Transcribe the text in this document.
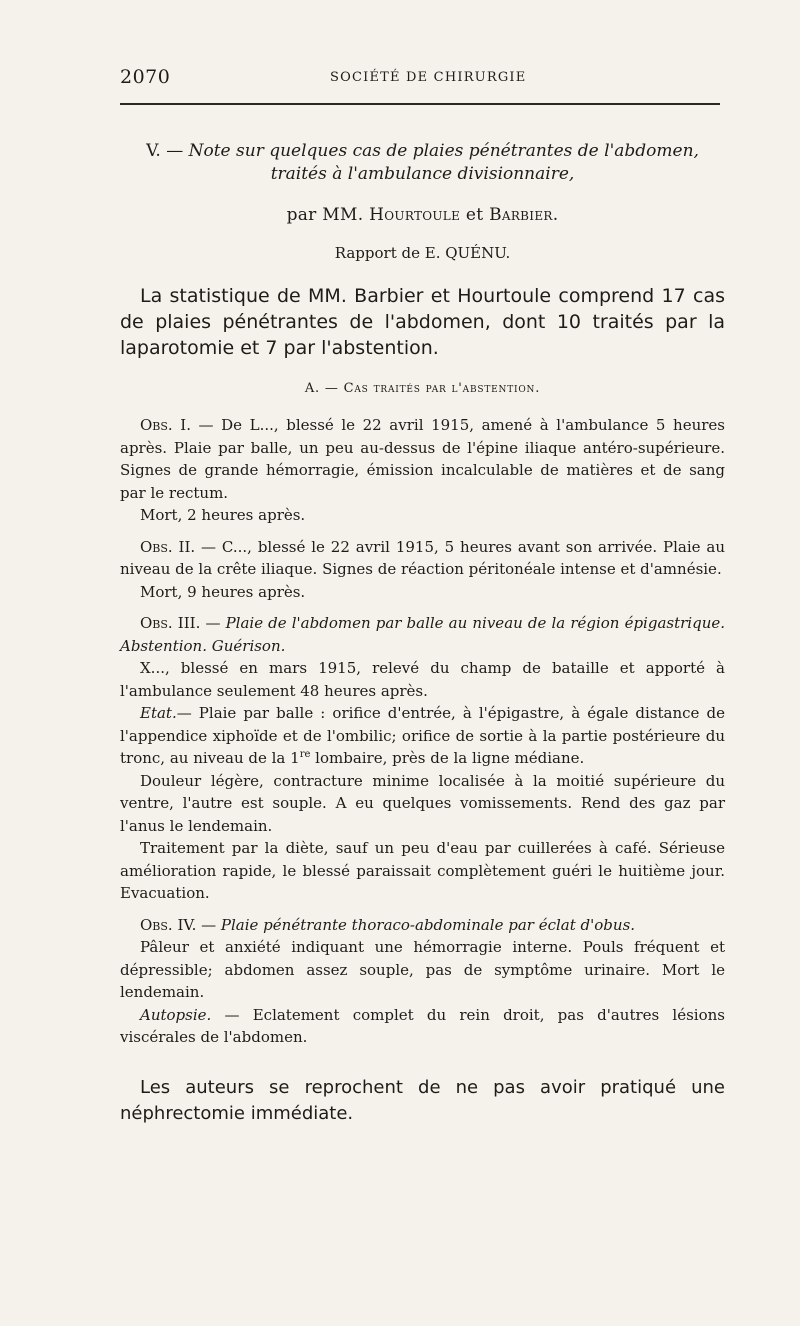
2070	SOCIÉTÉ DE CHIRURGIE

V. — Note sur quelques cas de plaies pénétrantes de l'abdomen,
traités à l'ambulance divisionnaire,

par MM. Hourtoule et Barbier.
Rapport de E. QUÉNU.

La statistique de MM. Barbier et Hourtoule comprend 17 cas de plaies pénétrantes de l'abdomen, dont 10 traités par la laparotomie et 7 par l'abstention.

A. — Cas traités par l'abstention.

Obs. I. — De L..., blessé le 22 avril 1915, amené à l'ambulance 5 heures après. Plaie par balle, un peu au-dessus de l'épine iliaque antéro-supérieure. Signes de grande hémorragie, émission incalculable de matières et de sang par le rectum.

Mort, 2 heures après.

Obs. II. — C..., blessé le 22 avril 1915, 5 heures avant son arrivée. Plaie au niveau de la crête iliaque. Signes de réaction péritonéale intense et d'amnésie.

Mort, 9 heures après.

Obs. III. — Plaie de l'abdomen par balle au niveau de la région épigastrique. Abstention. Guérison.

X..., blessé en mars 1915, relevé du champ de bataille et apporté à l'ambulance seulement 48 heures après.

Etat.— Plaie par balle : orifice d'entrée, à l'épigastre, à égale distance de l'appendice xiphoïde et de l'ombilic; orifice de sortie à la partie postérieure du tronc, au niveau de la 1re lombaire, près de la ligne médiane.

Douleur légère, contracture minime localisée à la moitié supérieure du ventre, l'autre est souple. A eu quelques vomissements. Rend des gaz par l'anus le lendemain.

Traitement par la diète, sauf un peu d'eau par cuillerées à café. Sérieuse amélioration rapide, le blessé paraissait complètement guéri le huitième jour. Evacuation.

Obs. IV. — Plaie pénétrante thoraco-abdominale par éclat d'obus.

Pâleur et anxiété indiquant une hémorragie interne. Pouls fréquent et dépressible; abdomen assez souple, pas de symptôme urinaire. Mort le lendemain.

Autopsie. — Eclatement complet du rein droit, pas d'autres lésions viscérales de l'abdomen.

Les auteurs se reprochent de ne pas avoir pratiqué une néphrectomie immédiate.
